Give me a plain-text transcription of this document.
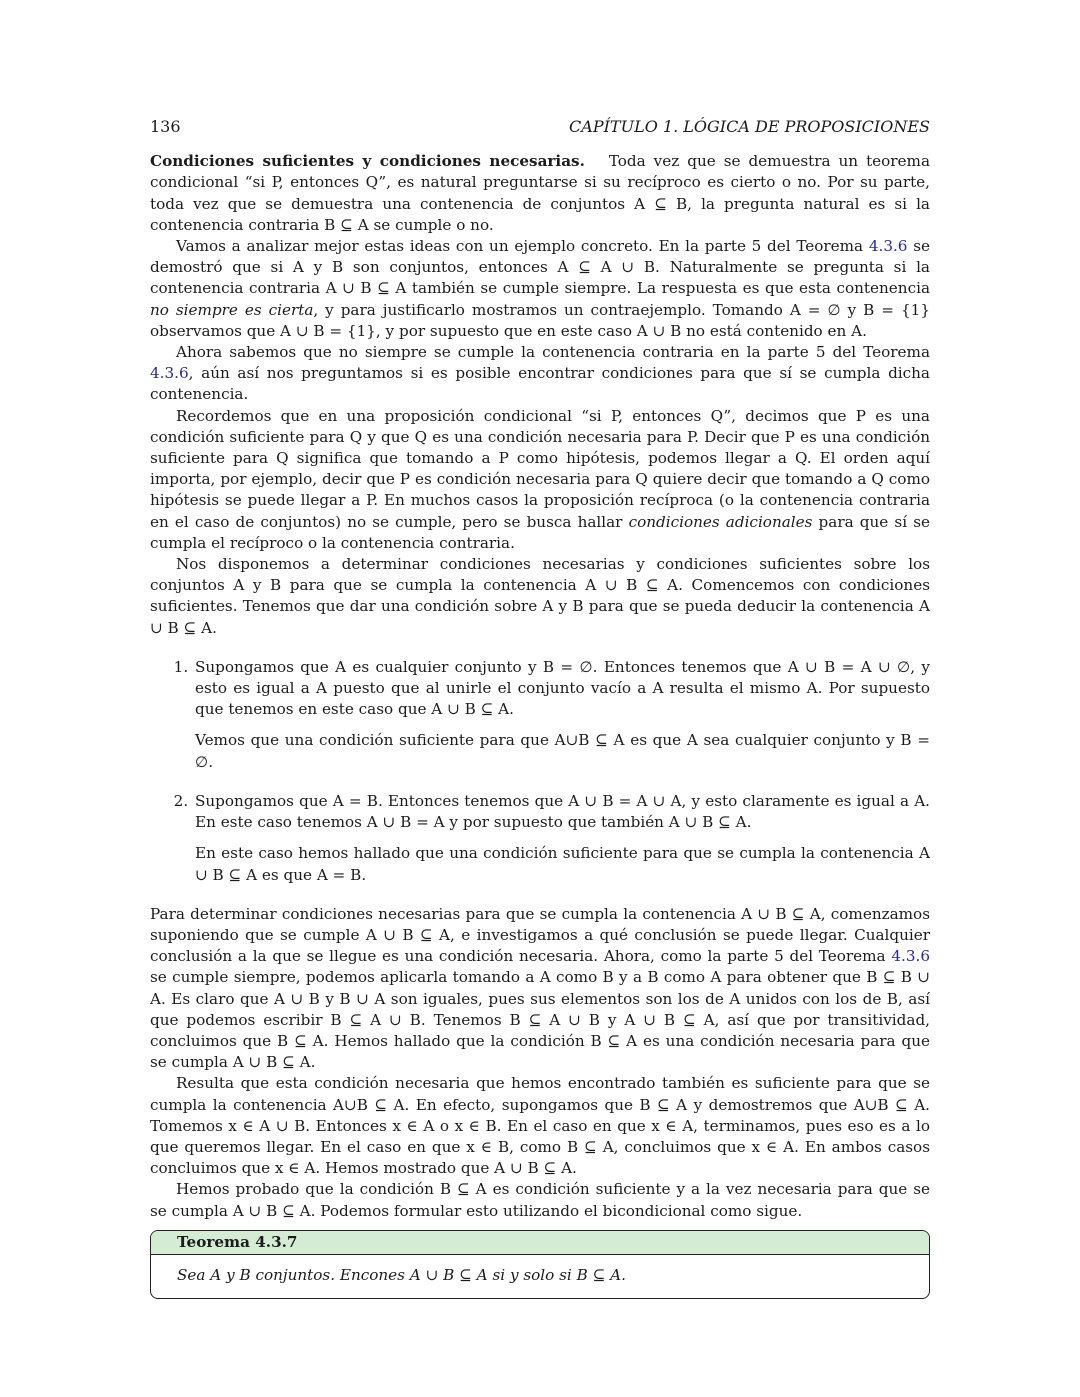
136	CAPÍTULO 1. LÓGICA DE PROPOSICIONES

Condiciones suficientes y condiciones necesarias. Toda vez que se demuestra un teorema condicional “si P, entonces Q”, es natural preguntarse si su recíproco es cierto o no. Por su parte, toda vez que se demuestra una contenencia de conjuntos A ⊆ B, la pregunta natural es si la contenencia contraria B ⊆ A se cumple o no.

Vamos a analizar mejor estas ideas con un ejemplo concreto. En la parte 5 del Teorema 4.3.6 se demostró que si A y B son conjuntos, entonces A ⊆ A ∪ B. Naturalmente se pregunta si la contenencia contraria A ∪ B ⊆ A también se cumple siempre. La respuesta es que esta contenencia no siempre es cierta, y para justificarlo mostramos un contraejemplo. Tomando A = ∅ y B = {1} observamos que A ∪ B = {1}, y por supuesto que en este caso A ∪ B no está contenido en A.

Ahora sabemos que no siempre se cumple la contenencia contraria en la parte 5 del Teorema 4.3.6, aún así nos preguntamos si es posible encontrar condiciones para que sí se cumpla dicha contenencia.

Recordemos que en una proposición condicional “si P, entonces Q”, decimos que P es una condición suficiente para Q y que Q es una condición necesaria para P. Decir que P es una condición suficiente para Q significa que tomando a P como hipótesis, podemos llegar a Q. El orden aquí importa, por ejemplo, decir que P es condición necesaria para Q quiere decir que tomando a Q como hipótesis se puede llegar a P. En muchos casos la proposición recíproca (o la contenencia contraria en el caso de conjuntos) no se cumple, pero se busca hallar condiciones adicionales para que sí se cumpla el recíproco o la contenencia contraria.

Nos disponemos a determinar condiciones necesarias y condiciones suficientes sobre los conjuntos A y B para que se cumpla la contenencia A ∪ B ⊆ A. Comencemos con condiciones suficientes. Tenemos que dar una condición sobre A y B para que se pueda deducir la contenencia A ∪ B ⊆ A.

1. Supongamos que A es cualquier conjunto y B = ∅. Entonces tenemos que A ∪ B = A ∪ ∅, y esto es igual a A puesto que al unirle el conjunto vacío a A resulta el mismo A. Por supuesto que tenemos en este caso que A ∪ B ⊆ A.

Vemos que una condición suficiente para que A∪B ⊆ A es que A sea cualquier conjunto y B = ∅.

2. Supongamos que A = B. Entonces tenemos que A ∪ B = A ∪ A, y esto claramente es igual a A. En este caso tenemos A ∪ B = A y por supuesto que también A ∪ B ⊆ A.

En este caso hemos hallado que una condición suficiente para que se cumpla la contenencia A ∪ B ⊆ A es que A = B.

Para determinar condiciones necesarias para que se cumpla la contenencia A ∪ B ⊆ A, comenzamos suponiendo que se cumple A ∪ B ⊆ A, e investigamos a qué conclusión se puede llegar. Cualquier conclusión a la que se llegue es una condición necesaria. Ahora, como la parte 5 del Teorema 4.3.6 se cumple siempre, podemos aplicarla tomando a A como B y a B como A para obtener que B ⊆ B ∪ A. Es claro que A ∪ B y B ∪ A son iguales, pues sus elementos son los de A unidos con los de B, así que podemos escribir B ⊆ A ∪ B. Tenemos B ⊆ A ∪ B y A ∪ B ⊆ A, así que por transitividad, concluimos que B ⊆ A. Hemos hallado que la condición B ⊆ A es una condición necesaria para que se cumpla A ∪ B ⊆ A.

Resulta que esta condición necesaria que hemos encontrado también es suficiente para que se cumpla la contenencia A∪B ⊆ A. En efecto, supongamos que B ⊆ A y demostremos que A∪B ⊆ A. Tomemos x ∈ A ∪ B. Entonces x ∈ A o x ∈ B. En el caso en que x ∈ A, terminamos, pues eso es a lo que queremos llegar. En el caso en que x ∈ B, como B ⊆ A, concluimos que x ∈ A. En ambos casos concluimos que x ∈ A. Hemos mostrado que A ∪ B ⊆ A.

Hemos probado que la condición B ⊆ A es condición suficiente y a la vez necesaria para que se se cumpla A ∪ B ⊆ A. Podemos formular esto utilizando el bicondicional como sigue.

Teorema 4.3.7
Sea A y B conjuntos. Encones A ∪ B ⊆ A si y solo si B ⊆ A.
